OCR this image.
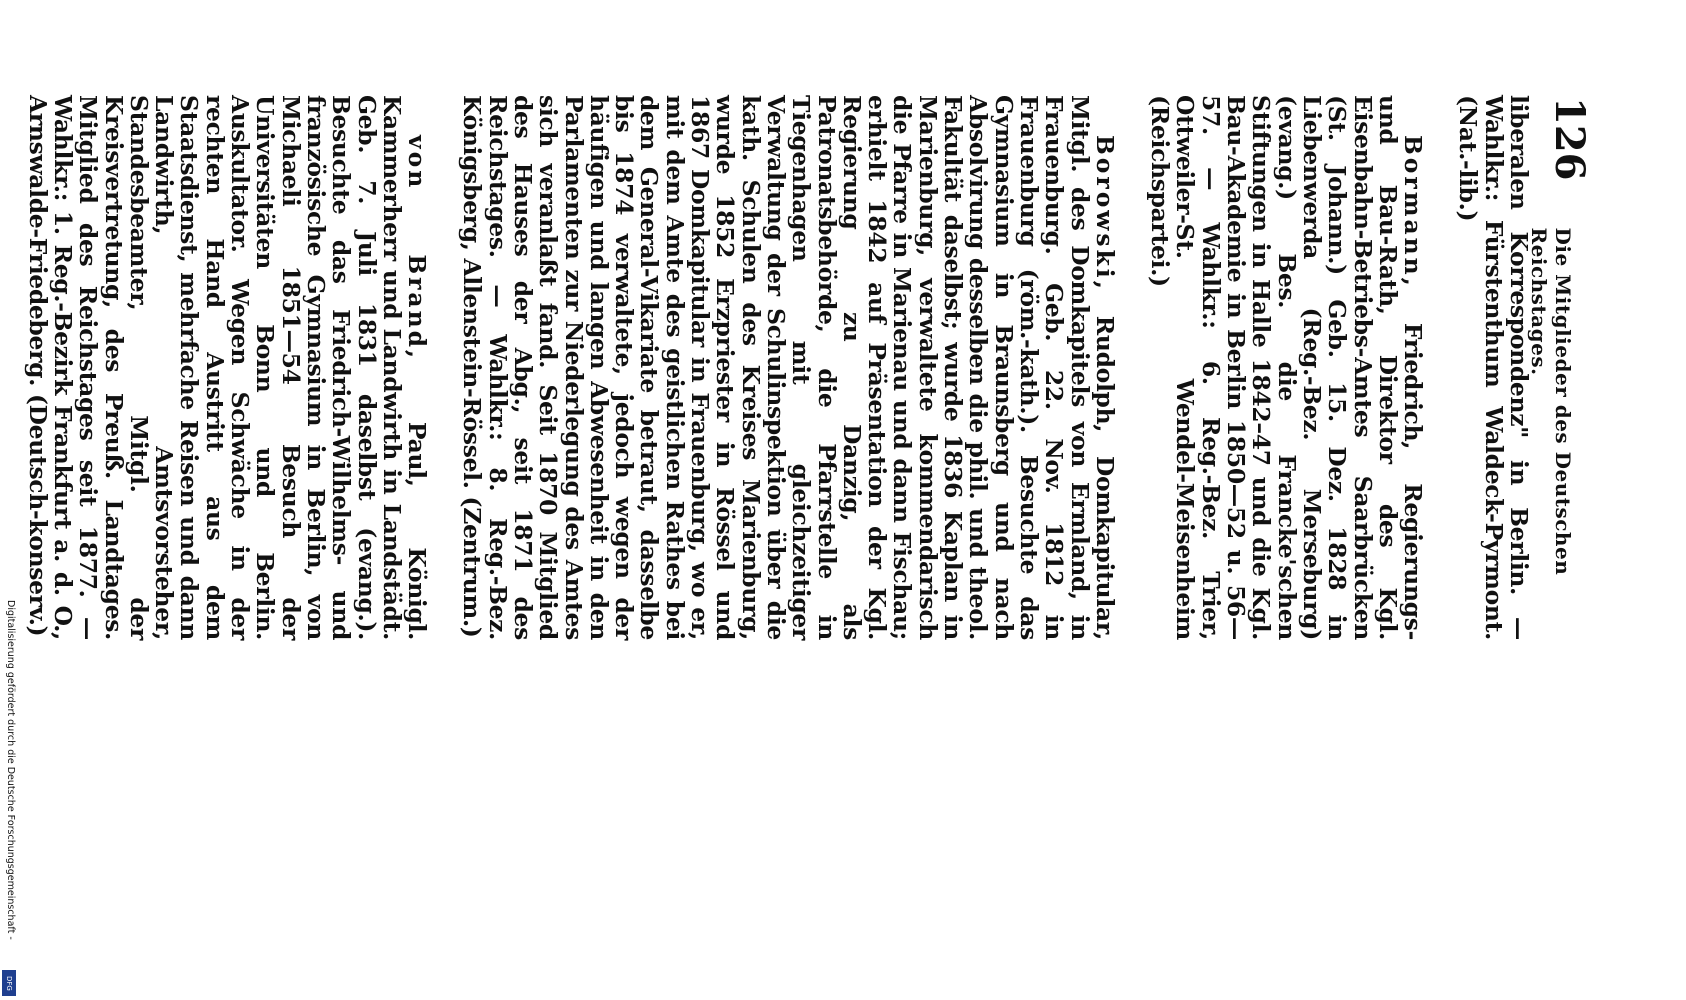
126
Die Mitglieder des Deutschen Reichstages.

liberalen Korrespondenz" in Berlin. — Wahlkr.: Fürstenthum Waldeck-Pyrmont. (Nat.-lib.)

Bormann, Friedrich, Regierungs- und Bau-Rath, Direktor des Kgl. Eisenbahn-Betriebs-Amtes Saarbrücken (St. Johann.) Geb. 15. Dez. 1828 in Liebenwerda (Reg.-Bez. Merseburg)(evang.) Bes. die Francke'schen Stiftungen in Halle 1842–47 und die Kgl. Bau-Akademie in Berlin 1850—52 u. 56—57. — Wahlkr.: 6. Reg.-Bez. Trier, Ottweiler-St. Wendel-Meisenheim (Reichspartei.)

Borowski, Rudolph, Domkapitular, Mitgl. des Domkapitels von Ermland, in Frauenburg. Geb. 22. Nov. 1812 in Frauenburg (röm.-kath.). Besuchte das Gymnasium in Braunsberg und nach Absolvirung desselben die phil. und theol. Fakultät daselbst; wurde 1836 Kaplan in Marienburg, verwaltete kommendarisch die Pfarre in Marienau und dann Fischau; erhielt 1842 auf Präsentation der Kgl. Regierung zu Danzig, als Patronatsbehörde, die Pfarrstelle in Tiegenhagen mit gleichzeitiger Verwaltung der Schulinspektion über die kath. Schulen des Kreises Marienburg, wurde 1852 Erzpriester in Rössel und 1867 Domkapitular in Frauenburg, wo er, mit dem Amte des geistlichen Rathes bei dem General-Vikariate betraut, dasselbe bis 1874 verwaltete, jedoch wegen der häufigen und langen Abwesenheit in den Parlamenten zur Niederlegung des Amtes sich veranlaßt fand. Seit 1870 Mitglied des Hauses der Abg., seit 1871 des Reichstages. — Wahlkr.: 8. Reg.-Bez. Königsberg, Allenstein-Rössel. (Zentrum.)

von Brand, Paul, Königl. Kammerherr und Landwirth in Landstädt. Geb. 7. Juli 1831 daselbst (evang.). Besuchte das Friedrich-Wilhelms- und französische Gymnasium in Berlin, von Michaeli 1851—54 Besuch der Universitäten Bonn und Berlin. Auskultator. Wegen Schwäche in der rechten Hand Austritt aus dem Staatsdienst, mehrfache Reisen und dann Landwirth, Amtsvorsteher, Standesbeamter, Mitgl. der Kreisvertretung, des Preuß. Landtages. Mitglied des Reichstages seit 1877. — Wahlkr.: 1. Reg.-Bezirk Frankfurt a. d. O., Arnswalde-Friedeberg. (Deutsch-konserv.)

Digitalisierung gefördert durch die Deutsche Forschungsgemeinschaft -
DFG
